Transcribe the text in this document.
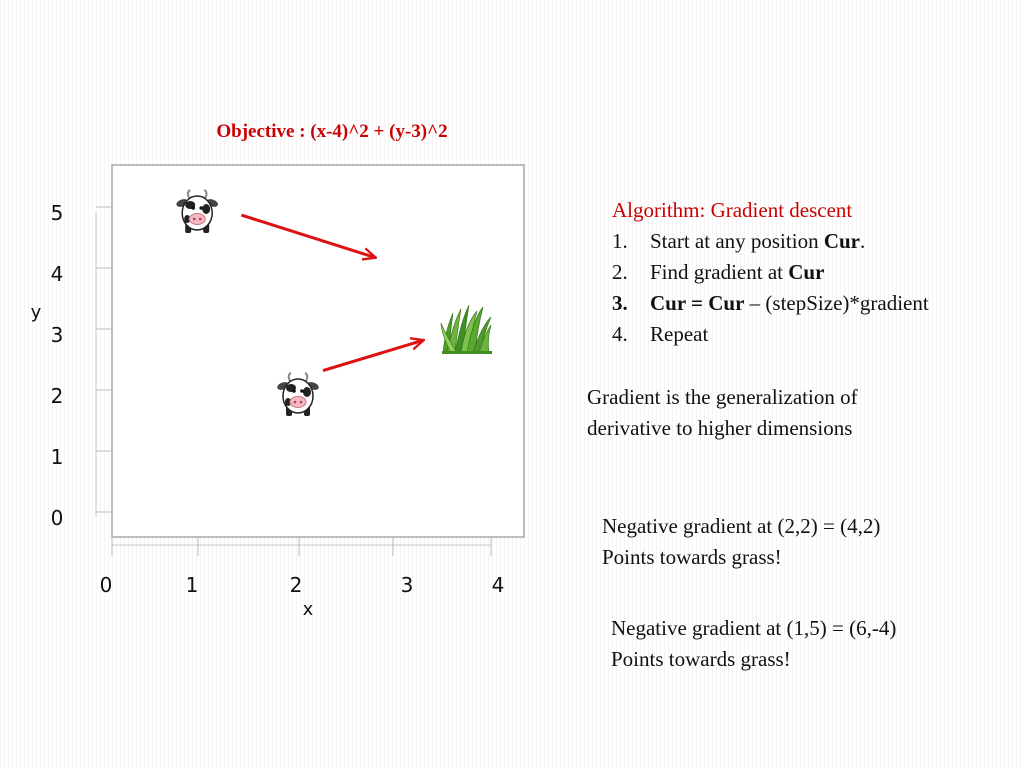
Objective : (x-4)^2 + (y-3)^2
0
1
2
3
4
5
0	1	2	3	4
x
y
Algorithm: Gradient descent
1. Start at any position Cur.
2. Find gradient at Cur
3. Cur = Cur – (stepSize)*gradient
4. Repeat
Gradient is the generalization of
derivative to higher dimensions
Negative gradient at (2,2) = (4,2)
Points towards grass!
Negative gradient at (1,5) = (6,-4)
Points towards grass!
